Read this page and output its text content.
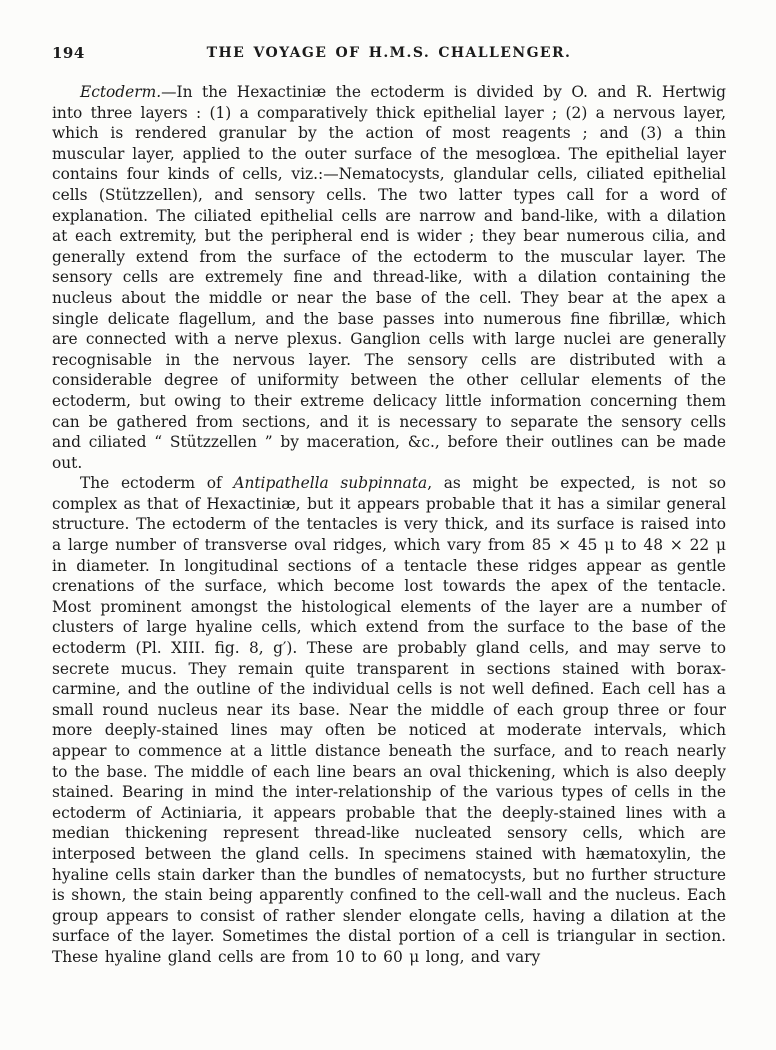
194	THE VOYAGE OF H.M.S. CHALLENGER.

Ectoderm.—In the Hexactiniæ the ectoderm is divided by O. and R. Hertwig into three layers : (1) a comparatively thick epithelial layer ; (2) a nervous layer, which is rendered granular by the action of most reagents ; and (3) a thin muscular layer, applied to the outer surface of the mesoglœa. The epithelial layer contains four kinds of cells, viz.:—Nematocysts, glandular cells, ciliated epithelial cells (Stützzellen), and sensory cells. The two latter types call for a word of explanation. The ciliated epithelial cells are narrow and band-like, with a dilation at each extremity, but the peripheral end is wider ; they bear numerous cilia, and generally extend from the surface of the ectoderm to the muscular layer. The sensory cells are extremely fine and thread-like, with a dilation containing the nucleus about the middle or near the base of the cell. They bear at the apex a single delicate flagellum, and the base passes into numerous fine fibrillæ, which are connected with a nerve plexus. Ganglion cells with large nuclei are generally recognisable in the nervous layer. The sensory cells are distributed with a considerable degree of uniformity between the other cellular elements of the ectoderm, but owing to their extreme delicacy little information concerning them can be gathered from sections, and it is necessary to separate the sensory cells and ciliated “ Stützzellen ” by maceration, &c., before their outlines can be made out.

The ectoderm of Antipathella subpinnata, as might be expected, is not so complex as that of Hexactiniæ, but it appears probable that it has a similar general structure. The ectoderm of the tentacles is very thick, and its surface is raised into a large number of transverse oval ridges, which vary from 85 × 45 μ to 48 × 22 μ in diameter. In longitudinal sections of a tentacle these ridges appear as gentle crenations of the surface, which become lost towards the apex of the tentacle. Most prominent amongst the histological elements of the layer are a number of clusters of large hyaline cells, which extend from the surface to the base of the ectoderm (Pl. XIII. fig. 8, g′). These are probably gland cells, and may serve to secrete mucus. They remain quite transparent in sections stained with borax-carmine, and the outline of the individual cells is not well defined. Each cell has a small round nucleus near its base. Near the middle of each group three or four more deeply-stained lines may often be noticed at moderate intervals, which appear to commence at a little distance beneath the surface, and to reach nearly to the base. The middle of each line bears an oval thickening, which is also deeply stained. Bearing in mind the inter-relationship of the various types of cells in the ectoderm of Actiniaria, it appears probable that the deeply-stained lines with a median thickening represent thread-like nucleated sensory cells, which are interposed between the gland cells. In specimens stained with hæmatoxylin, the hyaline cells stain darker than the bundles of nematocysts, but no further structure is shown, the stain being apparently confined to the cell-wall and the nucleus. Each group appears to consist of rather slender elongate cells, having a dilation at the surface of the layer. Sometimes the distal portion of a cell is triangular in section. These hyaline gland cells are from 10 to 60 μ long, and vary
